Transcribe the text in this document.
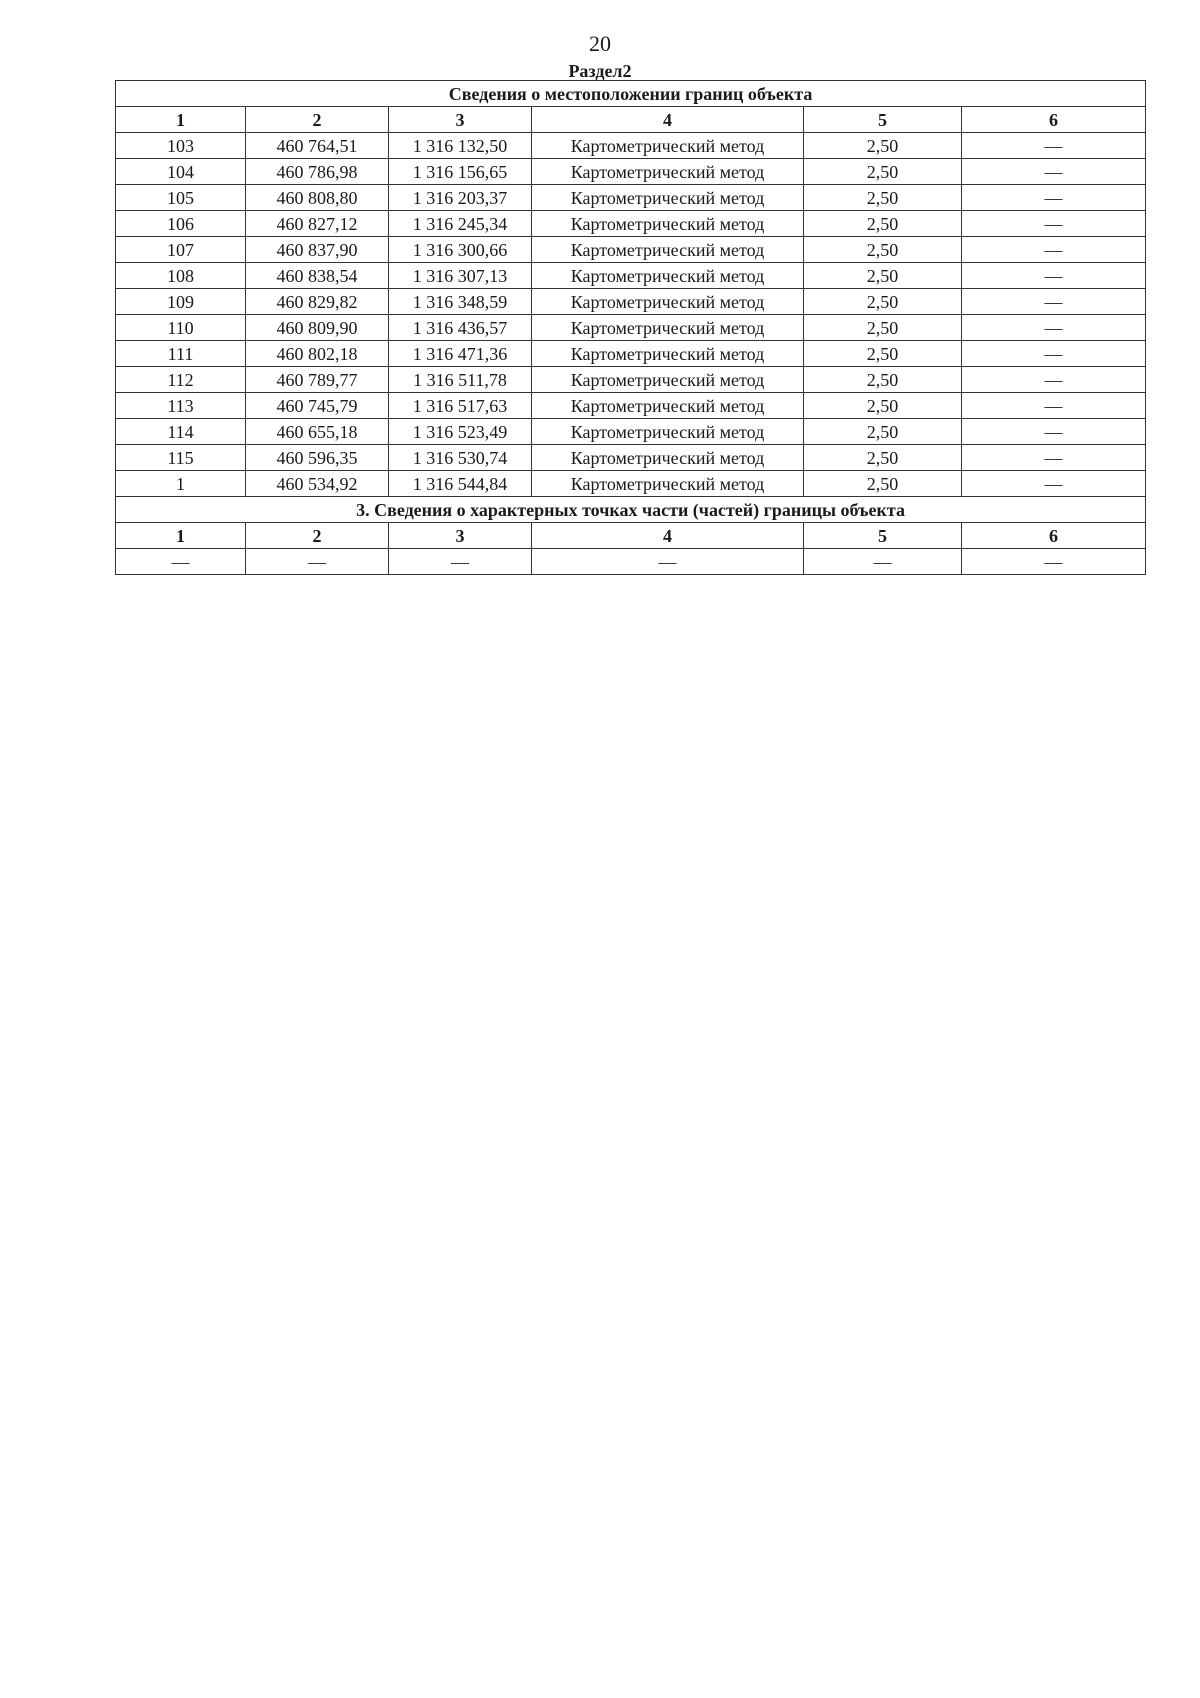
20
Раздел2
Сведения о местоположении границ объекта					
1	2	3	4	5	6
103	460 764,51	1 316 132,50	Картометрический метод	2,50	—
104	460 786,98	1 316 156,65	Картометрический метод	2,50	—
105	460 808,80	1 316 203,37	Картометрический метод	2,50	—
106	460 827,12	1 316 245,34	Картометрический метод	2,50	—
107	460 837,90	1 316 300,66	Картометрический метод	2,50	—
108	460 838,54	1 316 307,13	Картометрический метод	2,50	—
109	460 829,82	1 316 348,59	Картометрический метод	2,50	—
110	460 809,90	1 316 436,57	Картометрический метод	2,50	—
111	460 802,18	1 316 471,36	Картометрический метод	2,50	—
112	460 789,77	1 316 511,78	Картометрический метод	2,50	—
113	460 745,79	1 316 517,63	Картометрический метод	2,50	—
114	460 655,18	1 316 523,49	Картометрический метод	2,50	—
115	460 596,35	1 316 530,74	Картометрический метод	2,50	—
1	460 534,92	1 316 544,84	Картометрический метод	2,50	—
3. Сведения о характерных точках части (частей) границы объекта					
1	2	3	4	5	6
—	—	—	—	—	—
